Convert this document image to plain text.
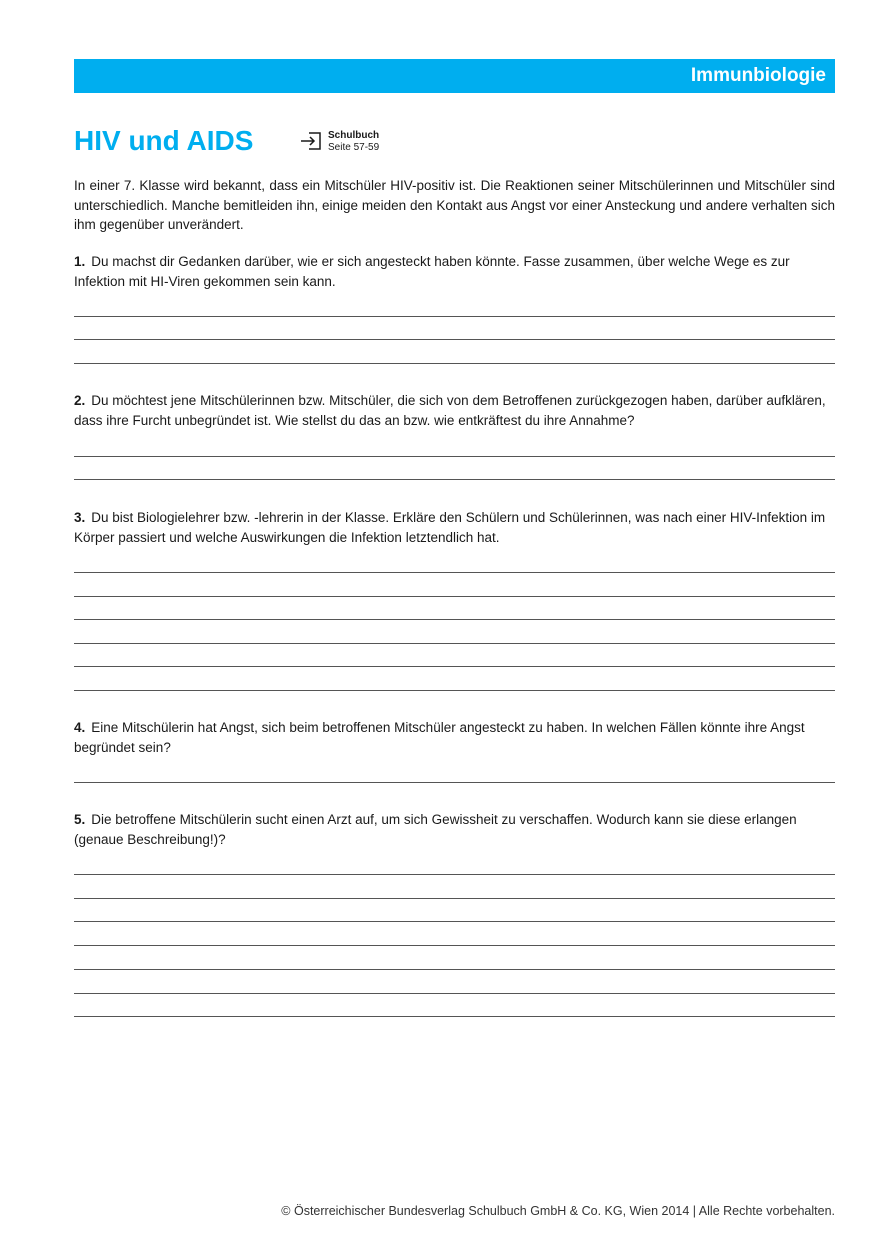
Immunbiologie
HIV und AIDS	Schulbuch
Seite 57-59

In einer 7. Klasse wird bekannt, dass ein Mitschüler HIV-positiv ist. Die Reaktionen seiner Mitschülerinnen und Mitschüler sind unterschiedlich. Manche bemitleiden ihn, einige meiden den Kontakt aus Angst vor einer Ansteckung und andere verhalten sich ihm gegenüber unverändert.

1. Du machst dir Gedanken darüber, wie er sich angesteckt haben könnte. Fasse zusammen, über welche Wege es zur Infektion mit HI-Viren gekommen sein kann.

2. Du möchtest jene Mitschülerinnen bzw. Mitschüler, die sich von dem Betroffenen zurückgezogen haben, darüber aufklären, dass ihre Furcht unbegründet ist. Wie stellst du das an bzw. wie entkräftest du ihre Annahme?

3. Du bist Biologielehrer bzw. -lehrerin in der Klasse. Erkläre den Schülern und Schülerinnen, was nach einer HIV-Infektion im Körper passiert und welche Auswirkungen die Infektion letztendlich hat.

4. Eine Mitschülerin hat Angst, sich beim betroffenen Mitschüler angesteckt zu haben. In welchen Fällen könnte ihre Angst begründet sein?

5. Die betroffene Mitschülerin sucht einen Arzt auf, um sich Gewissheit zu verschaffen. Wodurch kann sie diese erlangen (genaue Beschreibung!)?

© Österreichischer Bundesverlag Schulbuch GmbH & Co. KG, Wien 2014 | Alle Rechte vorbehalten.
